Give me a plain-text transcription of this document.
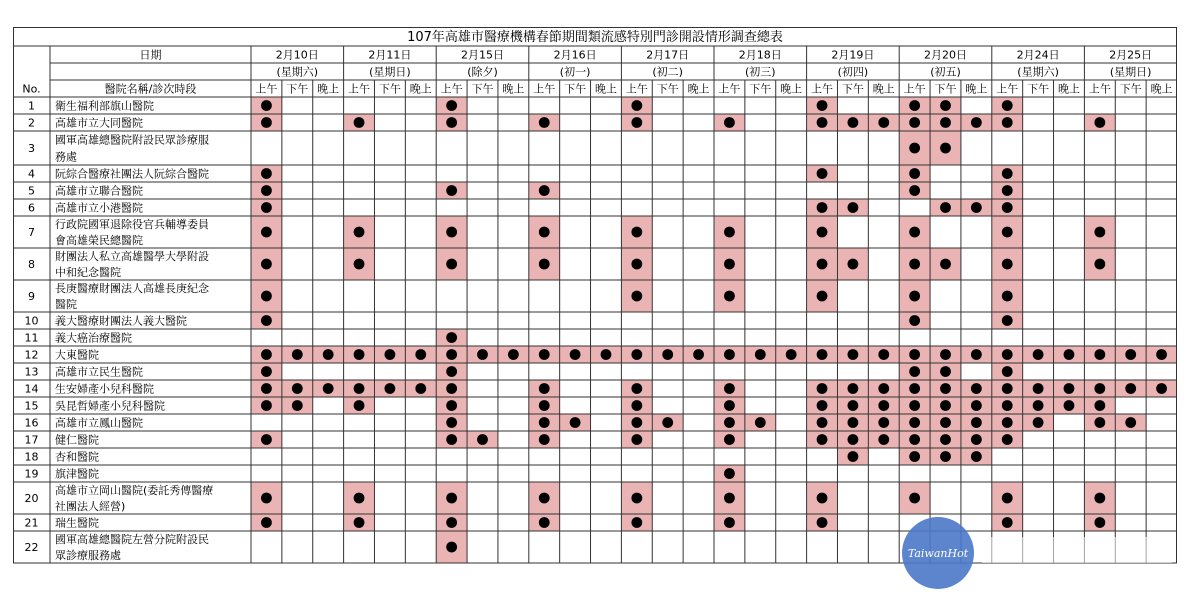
107年高雄市醫療機構春節期間類流感特別門診開設情形調查總表
日期
醫院名稱/診次時段
No.
2月10日
(星期六)
上午 下午 晚上
2月11日
(星期日)
上午 下午 晚上
2月15日
(除夕)
上午 下午 晚上
2月16日
(初一)
上午 下午 晚上
2月17日
(初二)
上午 下午 晚上
2月18日
(初三)
上午 下午 晚上
2月19日
(初四)
上午 下午 晚上
2月20日
(初五)
上午 下午 晚上
2月24日
(星期六)
上午 下午 晚上
2月25日
(星期日)
上午 下午 晚上
1 衛生福利部旗山醫院
2 高雄市立大同醫院
3
國軍高雄總醫院附設民眾診療服
務處
4 阮綜合醫療社團法人阮綜合醫院
5 高雄市立聯合醫院
6 高雄市立小港醫院
7
行政院國軍退除役官兵輔導委員
會高雄榮民總醫院
8
財團法人私立高雄醫學大學附設
中和紀念醫院
9
長庚醫療財團法人高雄長庚紀念
醫院
10 義大醫療財團法人義大醫院
11 義大癌治療醫院
12 大東醫院
13 高雄市立民生醫院
14 生安婦產小兒科醫院
15 吳昆哲婦產小兒科醫院
16 高雄市立鳳山醫院
17 健仁醫院
18 杏和醫院
19 旗津醫院
20
高雄市立岡山醫院(委託秀傳醫療
社團法人經營)
21 瑞生醫院
22
國軍高雄總醫院左營分院附設民
眾診療服務處	TaiwanHot
